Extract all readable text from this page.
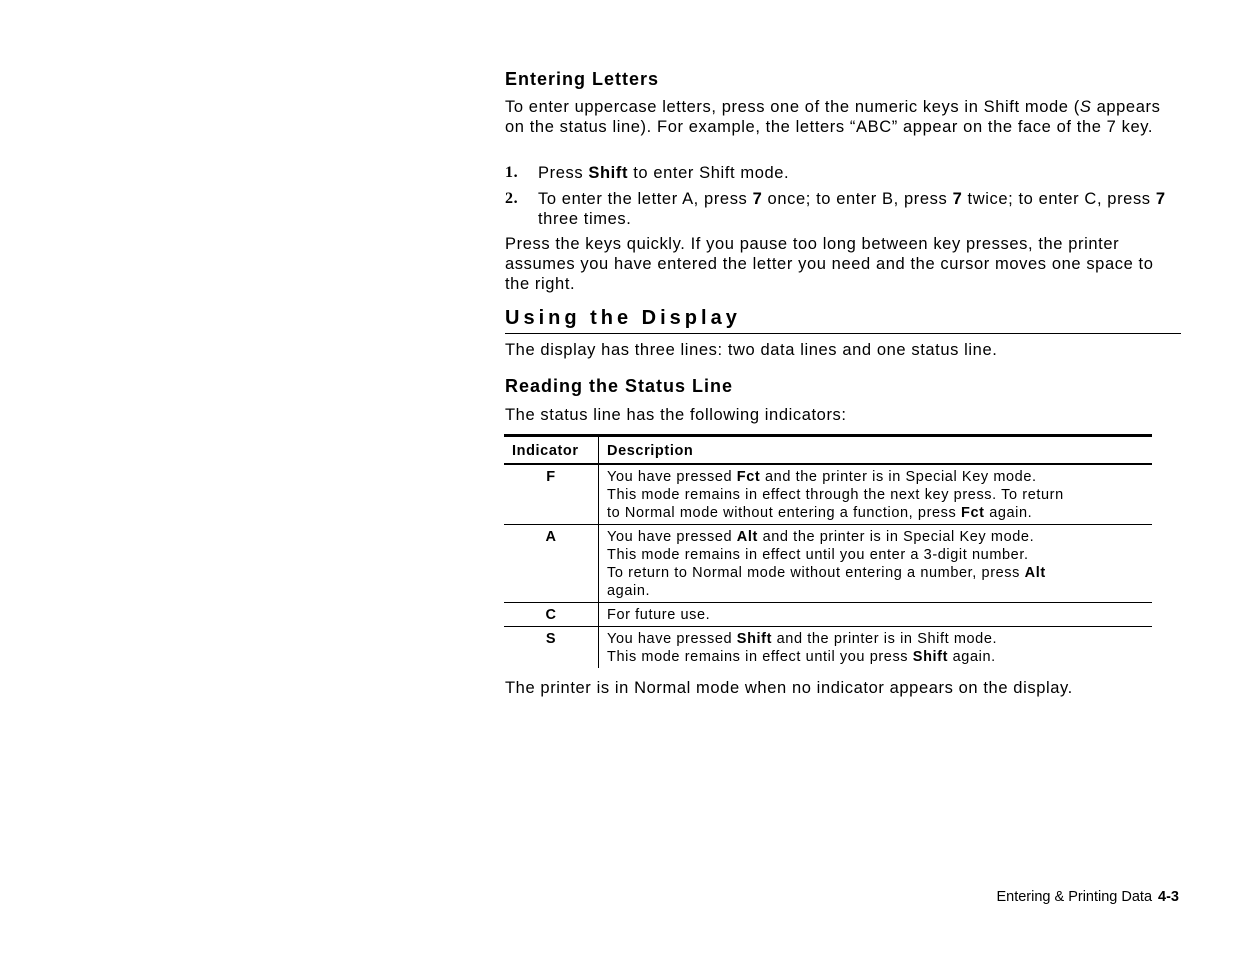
Entering Letters
To enter uppercase letters, press one of the numeric keys in Shift mode (S appears on the status line). For example, the letters “ABC” appear on the face of the 7 key.
1. Press Shift to enter Shift mode.
2. To enter the letter A, press 7 once; to enter B, press 7 twice; to enter C, press 7 three times.
Press the keys quickly. If you pause too long between key presses, the printer assumes you have entered the letter you need and the cursor moves one space to the right.
Using the Display
The display has three lines: two data lines and one status line.
Reading the Status Line
The status line has the following indicators:
Indicator	Description
F	You have pressed Fct and the printer is in Special Key mode.
This mode remains in effect through the next key press. To return
to Normal mode without entering a function, press Fct again.

A	You have pressed Alt and the printer is in Special Key mode.
This mode remains in effect until you enter a 3-digit number.
To return to Normal mode without entering a number, press Alt
again.

C	For future use.

S	You have pressed Shift and the printer is in Shift mode.
This mode remains in effect until you press Shift again.
The printer is in Normal mode when no indicator appears on the display.
Entering & Printing Data 4-3
